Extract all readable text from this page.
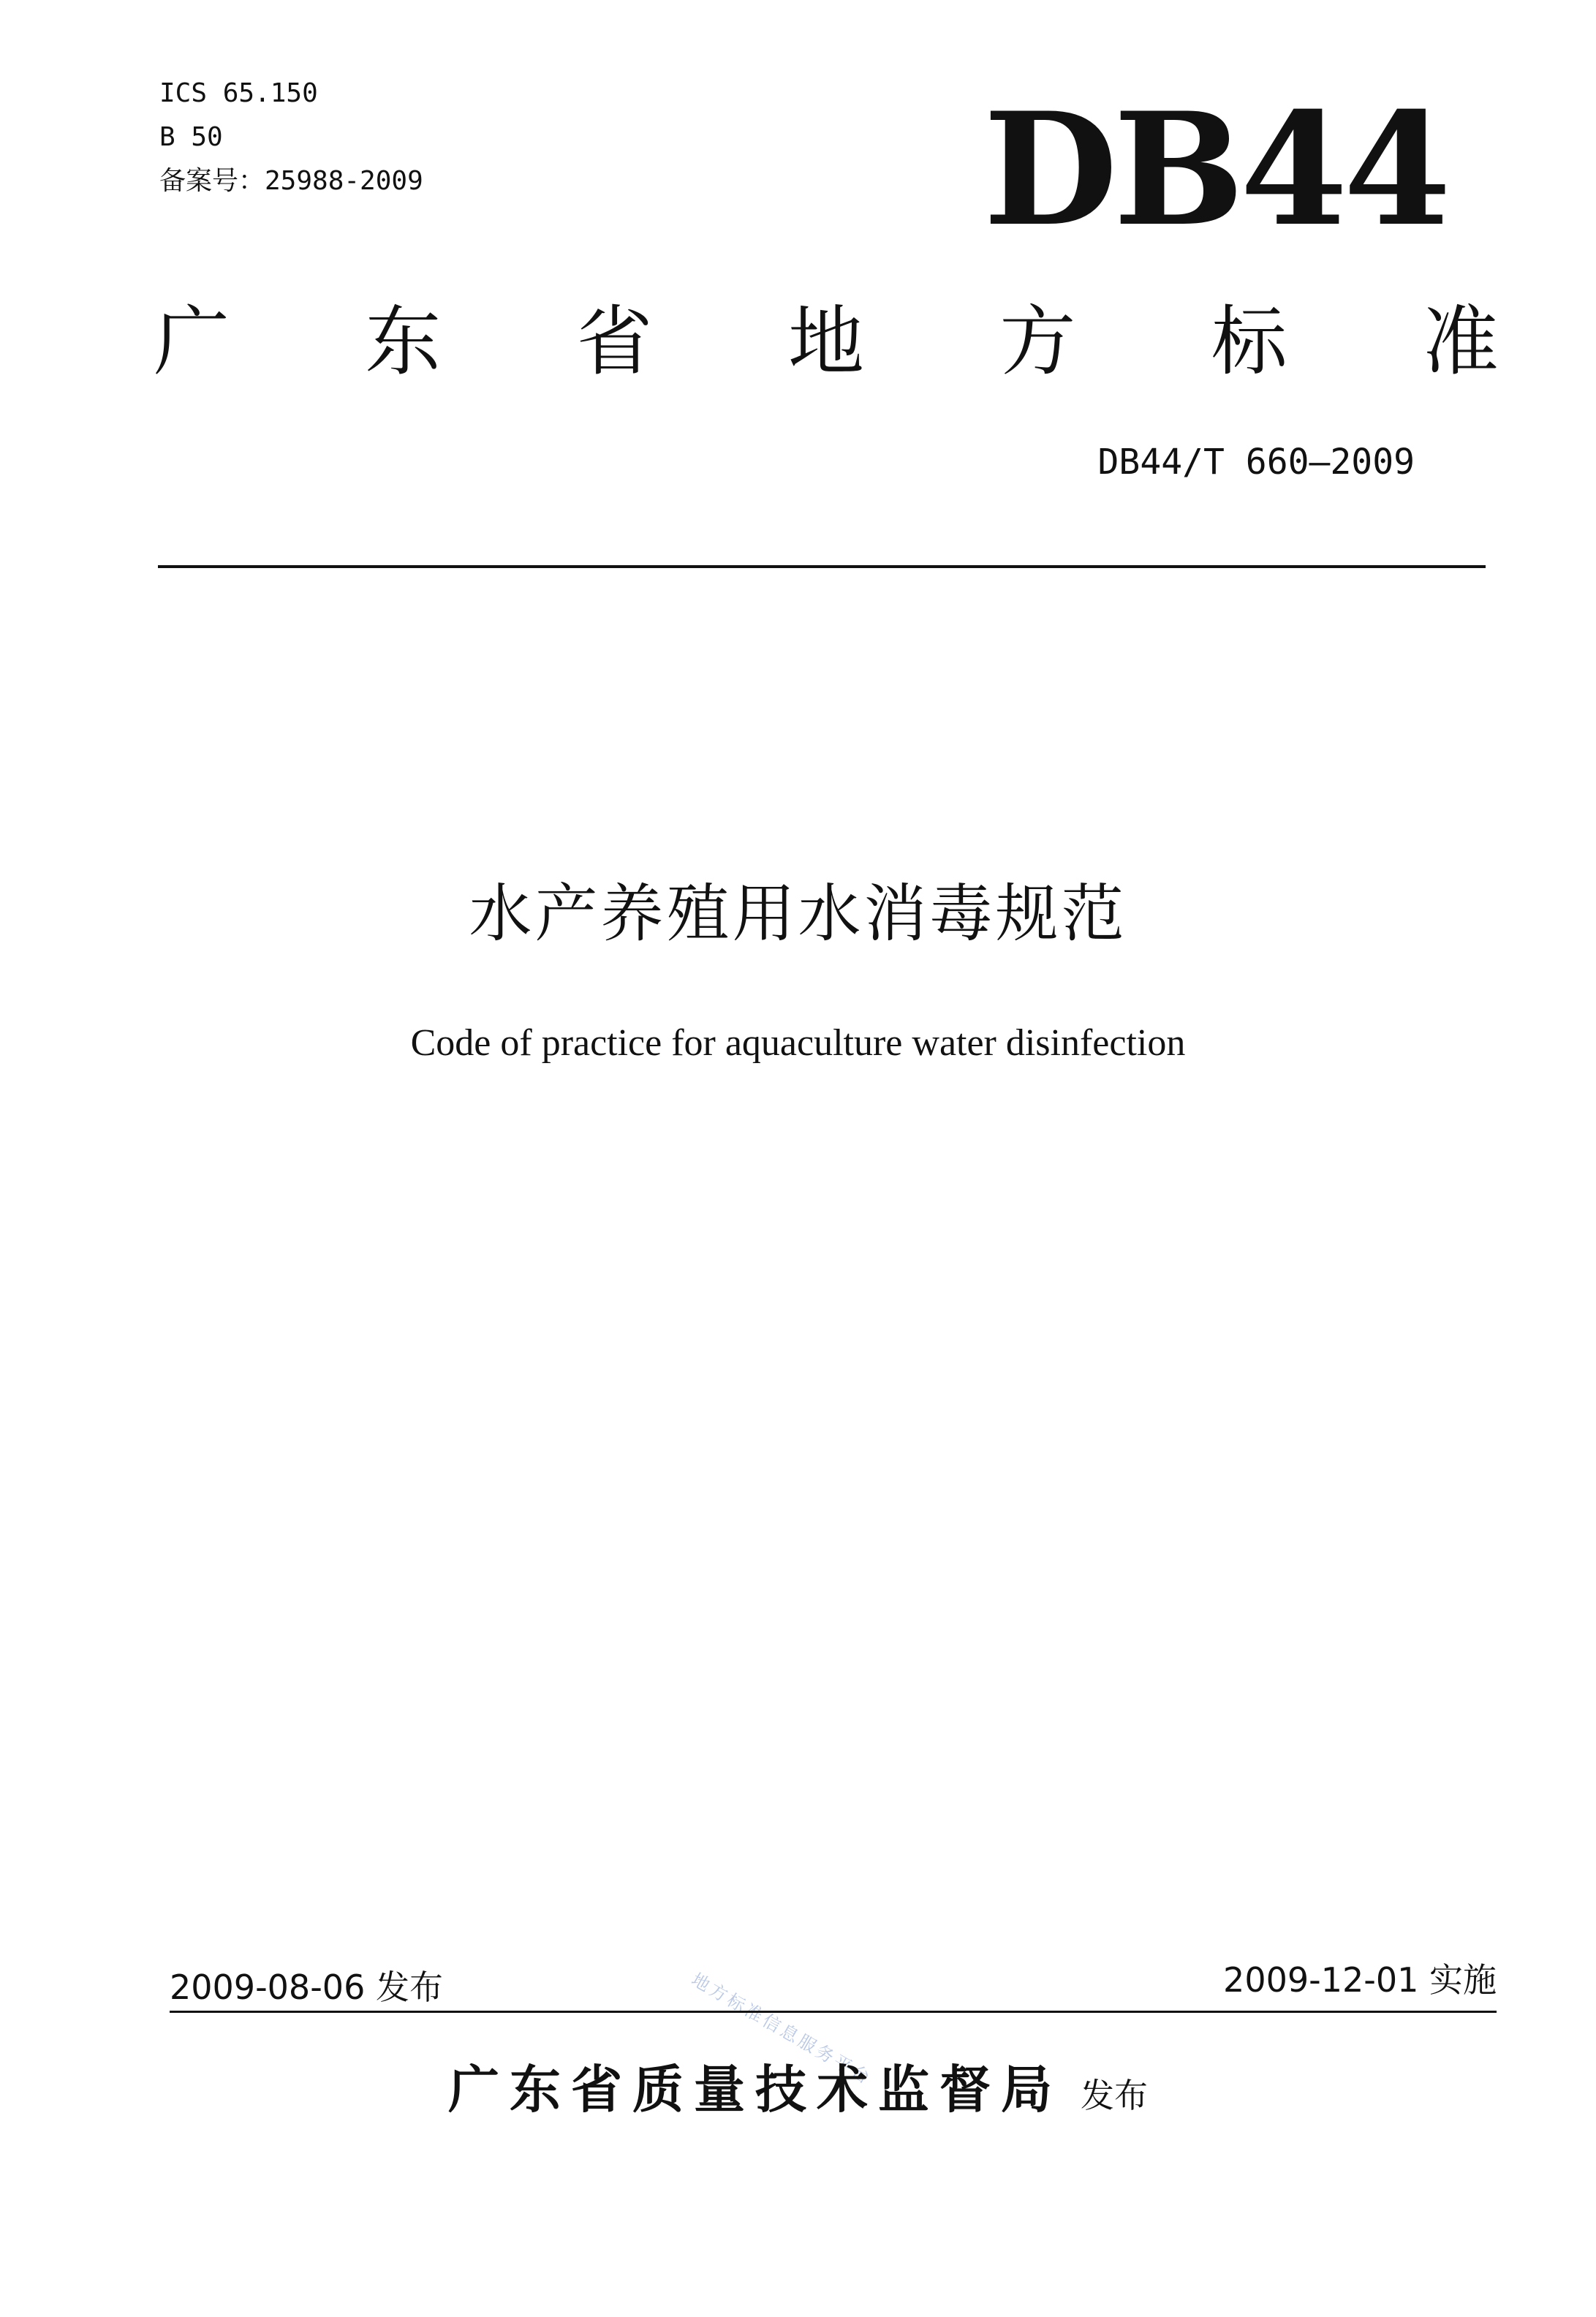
ICS 65.150
B 50
备案号：25988-2009	DB44
广 东 省 地 方 标 准
DB44/T 660—2009
水产养殖用水消毒规范
Code of practice for aquaculture water disinfection
地方标准信息服务平台
2009-08-06 发布	2009-12-01 实施
广东省质量技术监督局 发布
